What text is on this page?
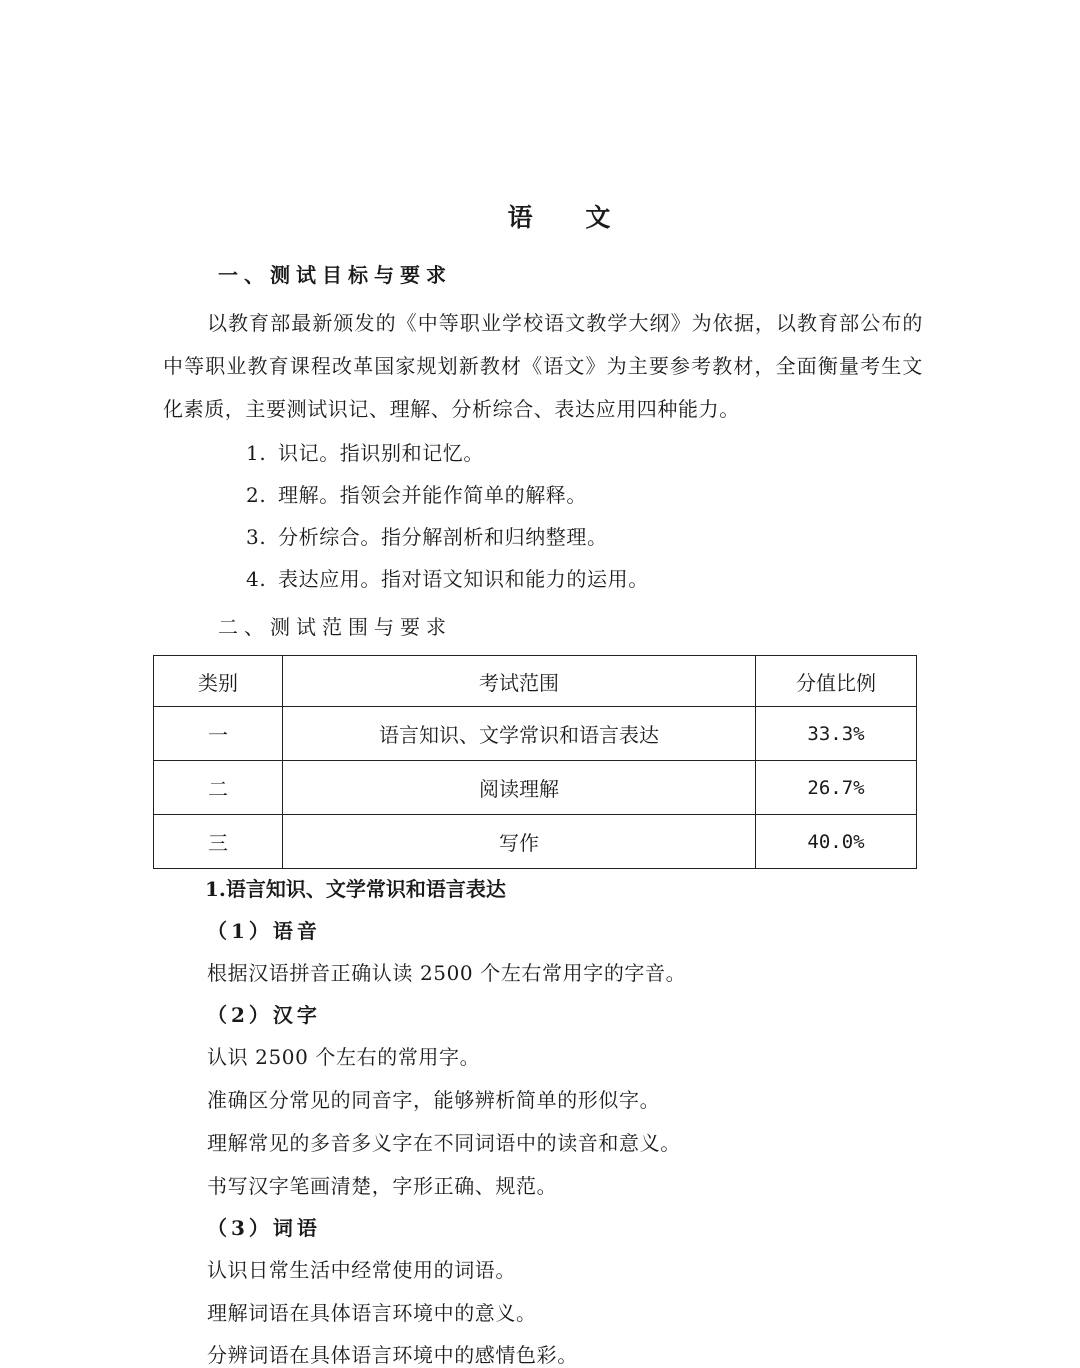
语 文
一、测试目标与要求
以教育部最新颁发的《中等职业学校语文教学大纲》为依据，以教育部公布的中等职业教育课程改革国家规划新教材《语文》为主要参考教材，全面衡量考生文化素质，主要测试识记、理解、分析综合、表达应用四种能力。
1. 识记。指识别和记忆。
2. 理解。指领会并能作简单的解释。
3. 分析综合。指分解剖析和归纳整理。
4. 表达应用。指对语文知识和能力的运用。
二、测试范围与要求
类别	考试范围	分值比例
一	语言知识、文学常识和语言表达	33.3%
二	阅读理解	26.7%
三	写作	40.0%
1.语言知识、文学常识和语言表达
（1）语音
根据汉语拼音正确认读 2500 个左右常用字的字音。
（2）汉字
认识 2500 个左右的常用字。
准确区分常见的同音字，能够辨析简单的形似字。
理解常见的多音多义字在不同词语中的读音和意义。
书写汉字笔画清楚，字形正确、规范。
（3）词语
认识日常生活中经常使用的词语。
理解词语在具体语言环境中的意义。
分辨词语在具体语言环境中的感情色彩。
